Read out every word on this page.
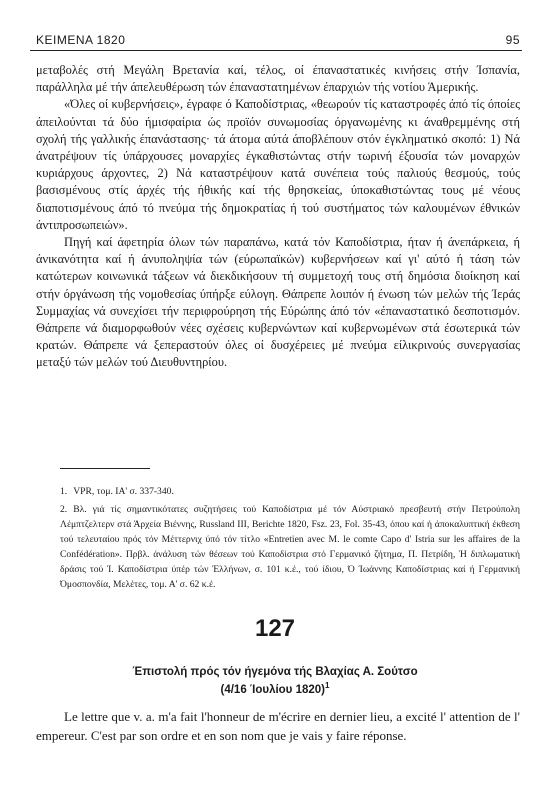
ΚΕΙΜΕΝΑ 1820	95

μεταβολές στή Μεγάλη Βρετανία καί, τέλος, οί έπαναστατικές κινήσεις στήν Ίσπανία, παράλληλα μέ τήν άπελευθέρωση τών έπαναστατημένων έπαρχιών τής νοτίου Άμερικής.

«Όλες οί κυβερνήσεις», έγραφε ό Καποδίστριας, «θεωρούν τίς καταστροφές άπό τίς όποίες άπειλούνται τά δύο ήμισφαίρια ώς προϊόν συνωμοσίας όργανωμένης κι άναθρεμμένης στή σχολή τής γαλλικής έπανάστασης· τά άτομα αύτά άποβλέπουν στόν έγκληματικό σκοπό: 1) Νά άνατρέψουν τίς ύπάρχουσες μοναρχίες έγκαθιστώντας στήν τωρινή έξουσία τών μοναρχών κυριάρχους άρχοντες, 2) Νά καταστρέψουν κατά συνέπεια τούς παλιούς θεσμούς, τούς βασισμένους στίς άρχές τής ήθικής καί τής θρησκείας, ύποκαθιστώντας τους μέ νέους διαποτισμένους άπό τό πνεύμα τής δημοκρατίας ή τού συστήματος τών καλουμένων έθνικών άντιπροσωπειών».

Πηγή καί άφετηρία όλων τών παραπάνω, κατά τόν Καποδίστρια, ήταν ή άνεπάρκεια, ή άνικανότητα καί ή άνυποληψία τών (εύρωπαϊκών) κυβερνήσεων καί γι' αύτό ή τάση τών κατώτερων κοινωνικά τάξεων νά διεκδικήσουν τή συμμετοχή τους στή δημόσια διοίκηση καί στήν όργάνωση τής νομοθεσίας ύπήρξε εύλογη. Θάπρεπε λοιπόν ή ένωση τών μελών τής Ίεράς Συμμαχίας νά συνεχίσει τήν περιφρούρηση τής Εύρώπης άπό τόν «έπαναστατικό δεσποτισμόν. Θάπρεπε νά διαμορφωθούν νέες σχέσεις κυβερνώντων καί κυβερνωμένων στά έσωτερικά τών κρατών. Θάπρεπε νά ξεπεραστούν όλες οί δυσχέρειες μέ πνεύμα είλικρινούς συνεργασίας μεταξύ τών μελών τού Διευθυντηρίου.

1. VPR, τομ. ΙΑ' σ. 337-340.

2. Βλ. γιά τίς σημαντικότατες συζητήσεις τού Καποδίστρια μέ τόν Αύστριακό πρεσβευτή στήν Πετρούπολη Λέμπτζελτερν στά Άρχεία Βιέννης, Russland III, Berichte 1820, Fsz. 23, Fol. 35-43, όπου καί ή άποκαλυπτική έκθεση τού τελευταίου πρός τόν Μέττερνιχ ύπό τόν τίτλο «Entretien avec M. le comte Capo d' Istria sur les affaires de la Confédération». Πρβλ. άνάλυση τών θέσεων τού Καποδίστρια στό Γερμανικό ζήτημα, Π. Πετρίδη, Ή διπλωματική δράσις τού Ί. Καποδίστρια ύπέρ τών Έλλήνων, σ. 101 κ.έ., τού ίδιου, Ό Ίωάννης Καποδίστριας καί ή Γερμανική Όμοσπονδία, Μελέτες, τομ. Α' σ. 62 κ.έ.

127
Έπιστολή πρός τόν ήγεμόνα τής Βλαχίας Α. Σούτσο
(4/16 Ίουλίου 1820)$^1$

Le lettre que v. a. m'a fait l'honneur de m'écrire en dernier lieu, a excité l' attention de l' empereur. C'est par son ordre et en son nom que je vais y faire réponse.
